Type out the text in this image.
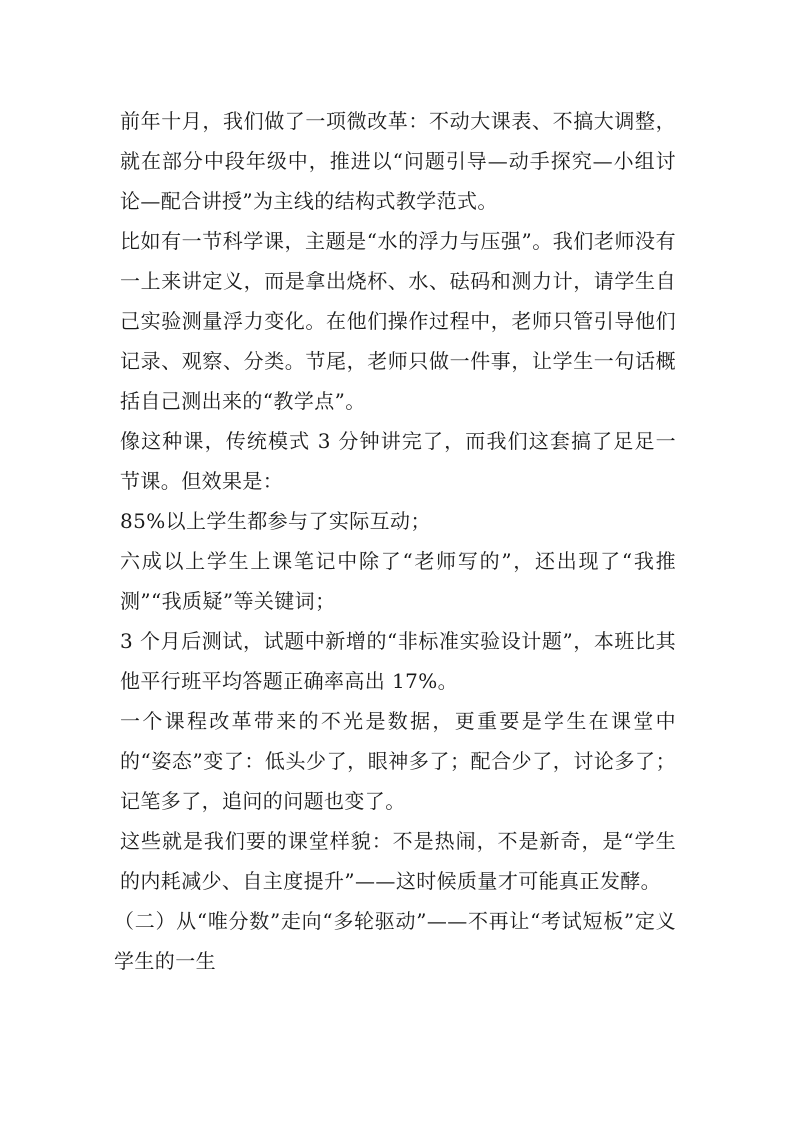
前年十月，我们做了一项微改革：不动大课表、不搞大调整，就在部分中段年级中，推进以“问题引导—动手探究—小组讨论—配合讲授”为主线的结构式教学范式。

比如有一节科学课，主题是“水的浮力与压强”。我们老师没有一上来讲定义，而是拿出烧杯、水、砝码和测力计，请学生自己实验测量浮力变化。在他们操作过程中，老师只管引导他们记录、观察、分类。节尾，老师只做一件事，让学生一句话概括自己测出来的“教学点”。

像这种课，传统模式 3 分钟讲完了，而我们这套搞了足足一节课。但效果是：

85%以上学生都参与了实际互动；

六成以上学生上课笔记中除了“老师写的”，还出现了“我推测”“我质疑”等关键词；

3 个月后测试，试题中新增的“非标准实验设计题”，本班比其他平行班平均答题正确率高出 17%。

一个课程改革带来的不光是数据，更重要是学生在课堂中的“姿态”变了：低头少了，眼神多了；配合少了，讨论多了；记笔多了，追问的问题也变了。

这些就是我们要的课堂样貌：不是热闹，不是新奇，是“学生的内耗减少、自主度提升”——这时候质量才可能真正发酵。

（二）从“唯分数”走向“多轮驱动”——不再让“考试短板”定义学生的一生
